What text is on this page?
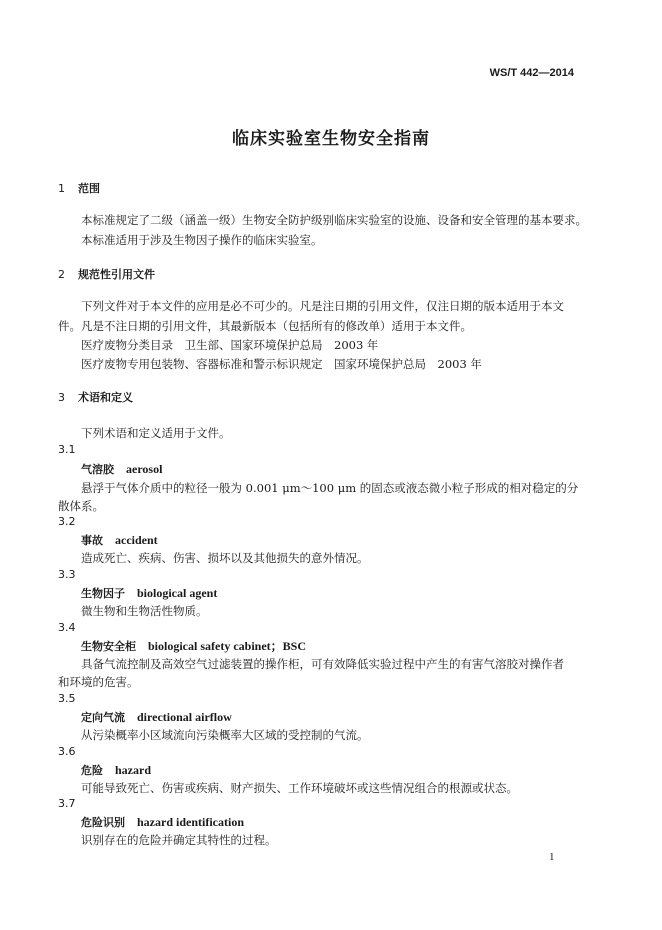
WS/T 442—2014
临床实验室生物安全指南
1 范围
本标准规定了二级（涵盖一级）生物安全防护级别临床实验室的设施、设备和安全管理的基本要求。
本标准适用于涉及生物因子操作的临床实验室。
2 规范性引用文件
下列文件对于本文件的应用是必不可少的。凡是注日期的引用文件，仅注日期的版本适用于本文
件。凡是不注日期的引用文件，其最新版本（包括所有的修改单）适用于本文件。
医疗废物分类目录　卫生部、国家环境保护总局　2003 年
医疗废物专用包装物、容器标准和警示标识规定　国家环境保护总局　2003 年
3 术语和定义
下列术语和定义适用于文件。
3.1
气溶胶 aerosol
悬浮于气体介质中的粒径一般为 0.001 μm～100 μm 的固态或液态微小粒子形成的相对稳定的分
散体系。
3.2
事故 accident
造成死亡、疾病、伤害、损坏以及其他损失的意外情况。
3.3
生物因子 biological agent
微生物和生物活性物质。
3.4
生物安全柜 biological safety cabinet；BSC
具备气流控制及高效空气过滤装置的操作柜，可有效降低实验过程中产生的有害气溶胶对操作者
和环境的危害。
3.5
定向气流 directional airflow
从污染概率小区域流向污染概率大区域的受控制的气流。
3.6
危险 hazard
可能导致死亡、伤害或疾病、财产损失、工作环境破坏或这些情况组合的根源或状态。
3.7
危险识别 hazard identification
识别存在的危险并确定其特性的过程。
1
